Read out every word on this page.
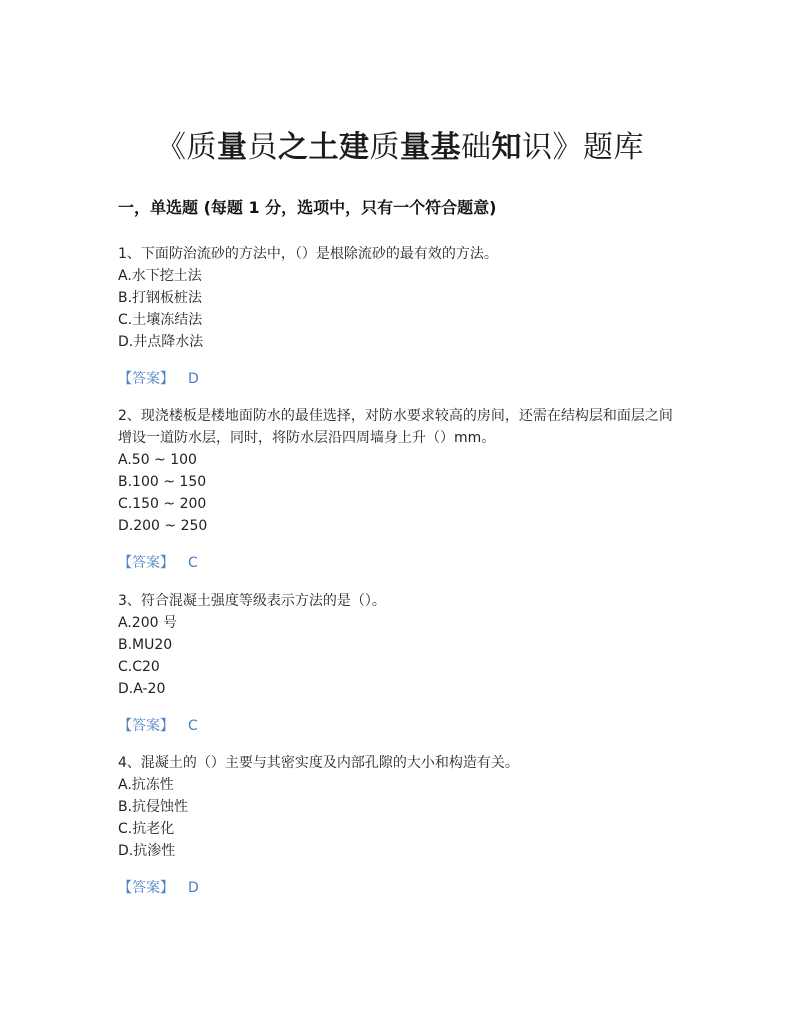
《质量员之土建质量基础知识》题库
一，单选题 (每题 1 分，选项中，只有一个符合题意)

1、下面防治流砂的方法中，（）是根除流砂的最有效的方法。

A.水下挖土法

B.打钢板桩法

C.土壤冻结法

D.井点降水法

【答案】 D

2、现浇楼板是楼地面防水的最佳选择，对防水要求较高的房间，还需在结构层和面层之间增设一道防水层，同时，将防水层沿四周墙身上升（）mm。

A.50 ~ 100

B.100 ~ 150

C.150 ~ 200

D.200 ~ 250

【答案】 C

3、符合混凝土强度等级表示方法的是（）。

A.200 号

B.MU20

C.C20

D.A-20

【答案】 C

4、混凝土的（）主要与其密实度及内部孔隙的大小和构造有关。

A.抗冻性

B.抗侵蚀性

C.抗老化

D.抗渗性

【答案】 D
